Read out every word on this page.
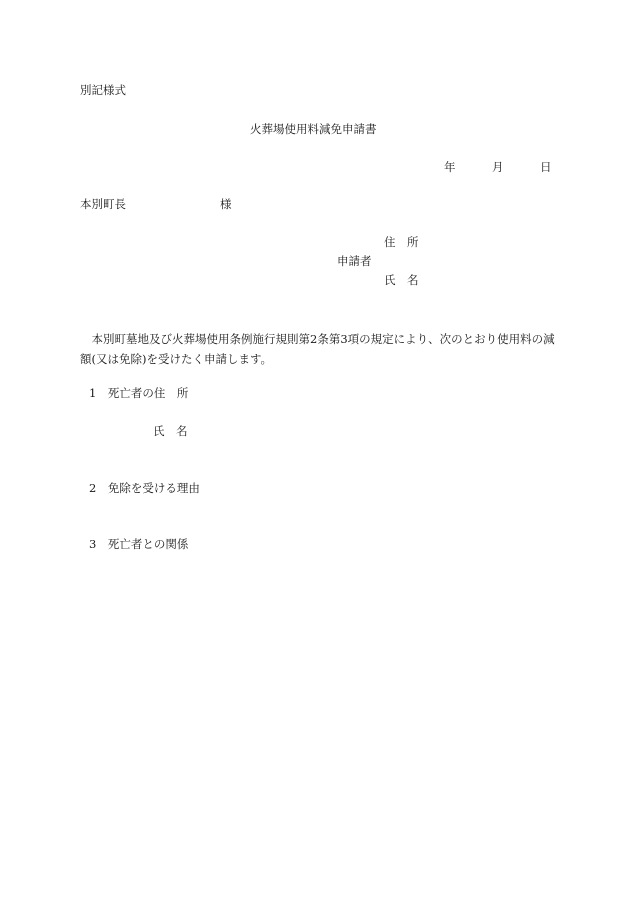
別記様式
火葬場使用料減免申請書
年	月	日
本別町長	様
住　所
申請者
氏　名

本別町墓地及び火葬場使用条例施行規則第2条第3項の規定により、次のとおり使用料の減額(又は免除)を受けたく申請します。

1　死亡者の住　所
氏　名
2　免除を受ける理由
3　死亡者との関係
